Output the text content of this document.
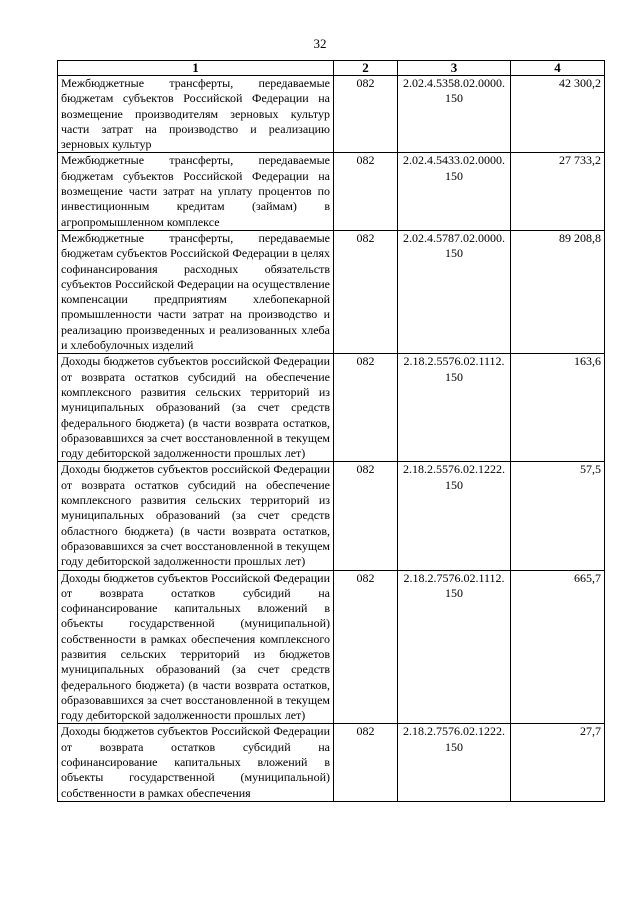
32
1	2	3	4
Межбюджетные трансферты, передаваемые бюджетам субъектов Российской Федерации на возмещение производителям зерновых культур части затрат на производство и реализацию зерновых культур	082	2.02.4.5358.02.0000.150	42 300,2
Межбюджетные трансферты, передаваемые бюджетам субъектов Российской Федерации на возмещение части затрат на уплату процентов по инвестиционным кредитам (займам) в агропромышленном комплексе	082	2.02.4.5433.02.0000.150	27 733,2
Межбюджетные трансферты, передаваемые бюджетам субъектов Российской Федерации в целях софинансирования расходных обязательств субъектов Российской Федерации на осуществление компенсации предприятиям хлебопекарной промышленности части затрат на производство и реализацию произведенных и реализованных хлеба и хлебобулочных изделий	082	2.02.4.5787.02.0000.150	89 208,8
Доходы бюджетов субъектов российской Федерации от возврата остатков субсидий на обеспечение комплексного развития сельских территорий из муниципальных образований (за счет средств федерального бюджета) (в части возврата остатков, образовавшихся за счет восстановленной в текущем году дебиторской задолженности прошлых лет)	082	2.18.2.5576.02.1112.150	163,6
Доходы бюджетов субъектов российской Федерации от возврата остатков субсидий на обеспечение комплексного развития сельских территорий из муниципальных образований (за счет средств областного бюджета) (в части возврата остатков, образовавшихся за счет восстановленной в текущем году дебиторской задолженности прошлых лет)	082	2.18.2.5576.02.1222.150	57,5
Доходы бюджетов субъектов Российской Федерации от возврата остатков субсидий на софинансирование капитальных вложений в объекты государственной (муниципальной) собственности в рамках обеспечения комплексного развития сельских территорий из бюджетов муниципальных образований (за счет средств федерального бюджета) (в части возврата остатков, образовавшихся за счет восстановленной в текущем году дебиторской задолженности прошлых лет)	082	2.18.2.7576.02.1112.150	665,7
Доходы бюджетов субъектов Российской Федерации от возврата остатков субсидий на софинансирование капитальных вложений в объекты государственной (муниципальной) собственности в рамках обеспечения	082	2.18.2.7576.02.1222.150	27,7
